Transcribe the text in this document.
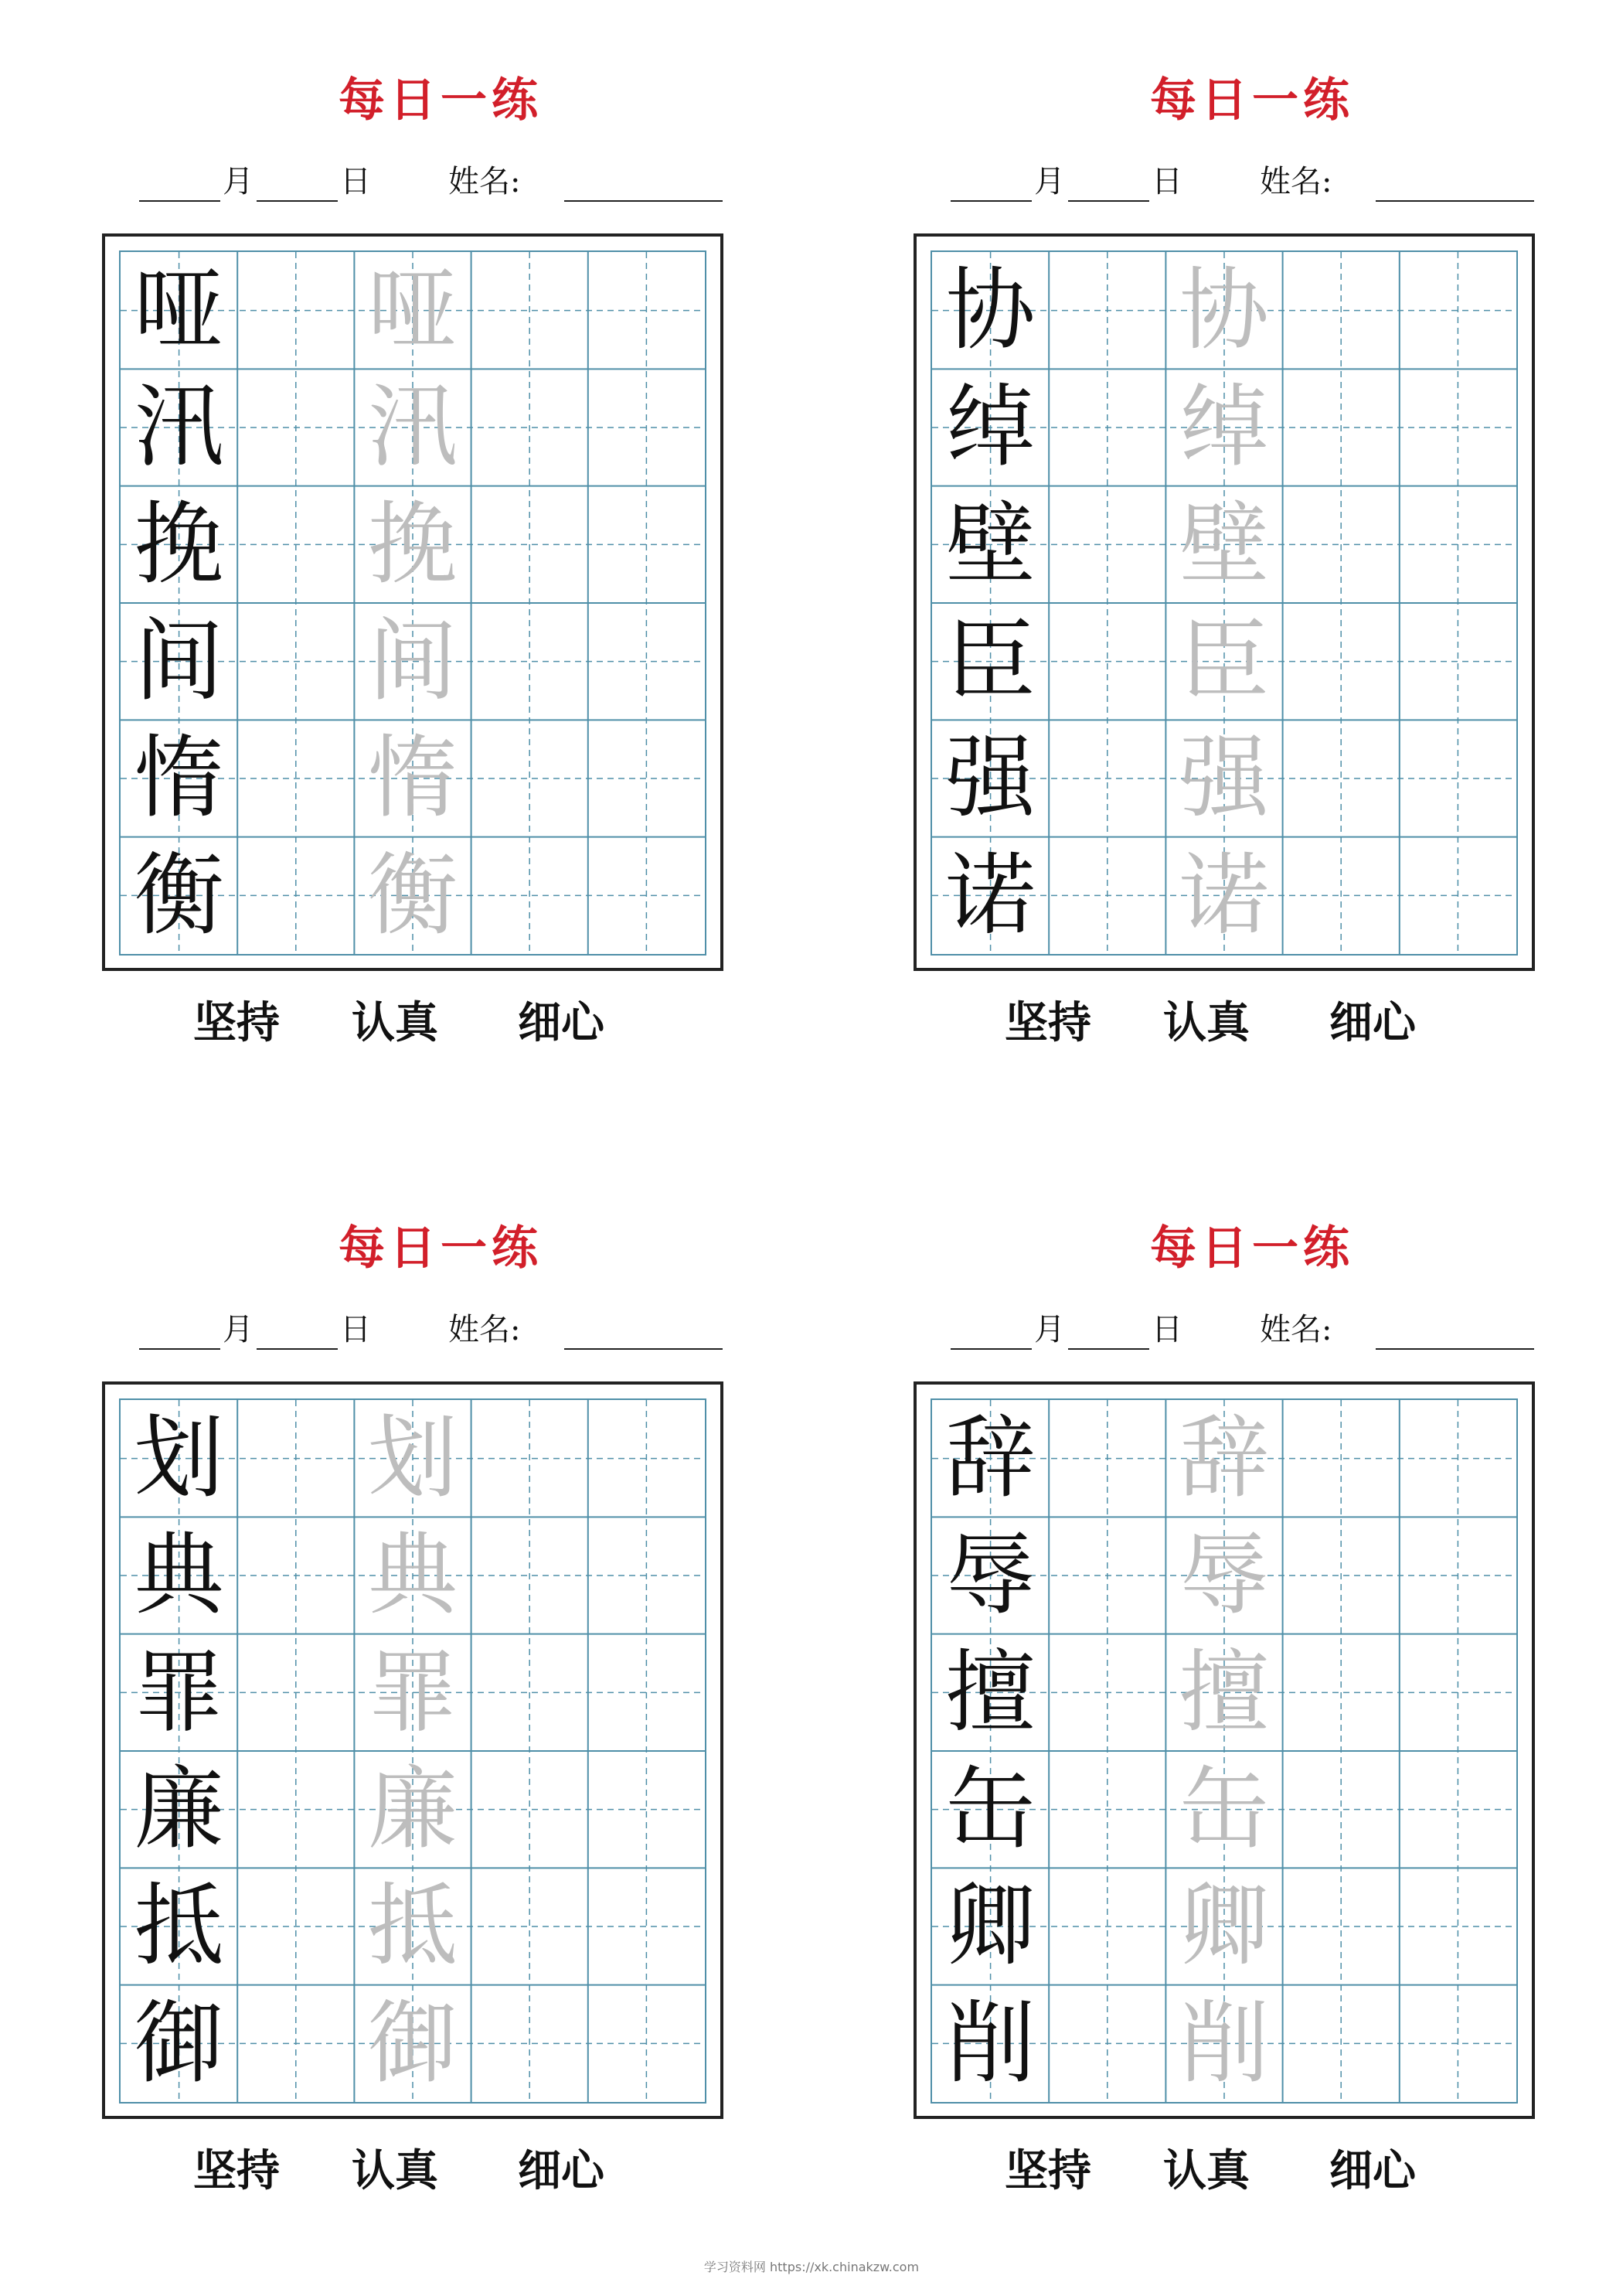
每日一练
月	日	姓名:
哑 哑
汛 汛
挽 挽
间 间
惰 惰
衡 衡
坚持 认真 细心
每日一练
月	日	姓名:
协 协
绰 绰
壁 壁
臣 臣
强 强
诺 诺
坚持 认真 细心
每日一练
月	日	姓名:
划 划
典 典
罪 罪
廉 廉
抵 抵
御 御
坚持 认真 细心
每日一练
月	日	姓名:
辞 辞
辱 辱
擅 擅
缶 缶
卿 卿
削 削
坚持 认真 细心
学习资料网 https://xk.chinakzw.com
